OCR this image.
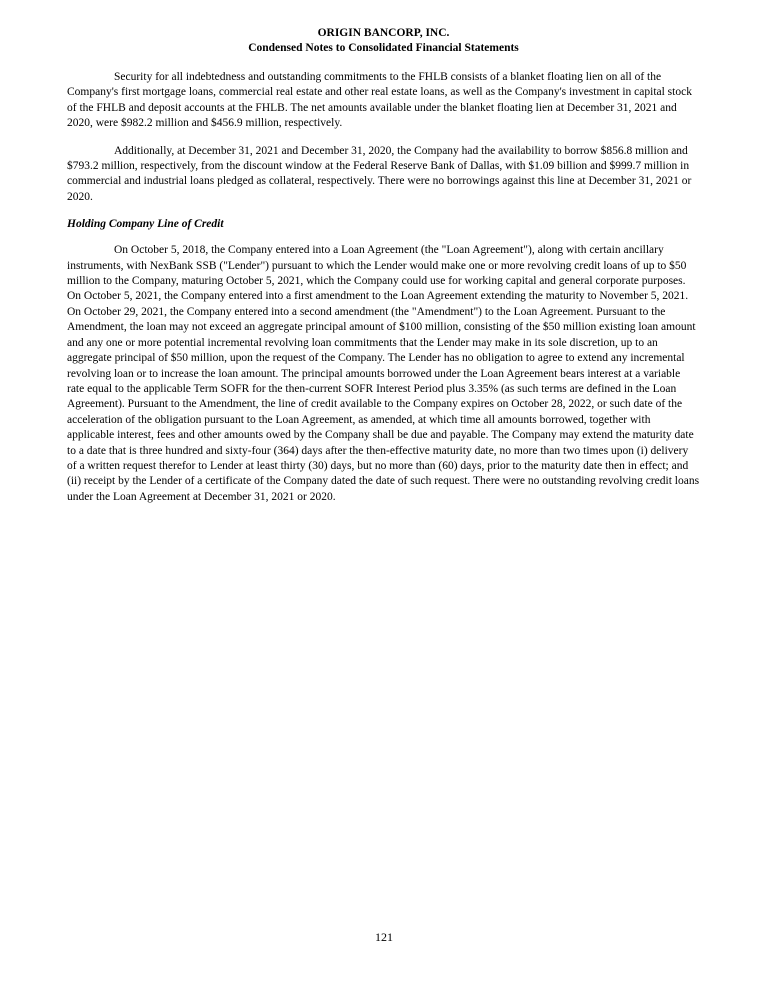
ORIGIN BANCORP, INC.
Condensed Notes to Consolidated Financial Statements

Security for all indebtedness and outstanding commitments to the FHLB consists of a blanket floating lien on all of the Company's first mortgage loans, commercial real estate and other real estate loans, as well as the Company's investment in capital stock of the FHLB and deposit accounts at the FHLB. The net amounts available under the blanket floating lien at December 31, 2021 and 2020, were $982.2 million and $456.9 million, respectively.

Additionally, at December 31, 2021 and December 31, 2020, the Company had the availability to borrow $856.8 million and $793.2 million, respectively, from the discount window at the Federal Reserve Bank of Dallas, with $1.09 billion and $999.7 million in commercial and industrial loans pledged as collateral, respectively. There were no borrowings against this line at December 31, 2021 or 2020.

Holding Company Line of Credit

On October 5, 2018, the Company entered into a Loan Agreement (the "Loan Agreement"), along with certain ancillary instruments, with NexBank SSB ("Lender") pursuant to which the Lender would make one or more revolving credit loans of up to $50 million to the Company, maturing October 5, 2021, which the Company could use for working capital and general corporate purposes. On October 5, 2021, the Company entered into a first amendment to the Loan Agreement extending the maturity to November 5, 2021. On October 29, 2021, the Company entered into a second amendment (the "Amendment") to the Loan Agreement. Pursuant to the Amendment, the loan may not exceed an aggregate principal amount of $100 million, consisting of the $50 million existing loan amount and any one or more potential incremental revolving loan commitments that the Lender may make in its sole discretion, up to an aggregate principal of $50 million, upon the request of the Company. The Lender has no obligation to agree to extend any incremental revolving loan or to increase the loan amount. The principal amounts borrowed under the Loan Agreement bears interest at a variable rate equal to the applicable Term SOFR for the then-current SOFR Interest Period plus 3.35% (as such terms are defined in the Loan Agreement). Pursuant to the Amendment, the line of credit available to the Company expires on October 28, 2022, or such date of the acceleration of the obligation pursuant to the Loan Agreement, as amended, at which time all amounts borrowed, together with applicable interest, fees and other amounts owed by the Company shall be due and payable. The Company may extend the maturity date to a date that is three hundred and sixty-four (364) days after the then-effective maturity date, no more than two times upon (i) delivery of a written request therefor to Lender at least thirty (30) days, but no more than (60) days, prior to the maturity date then in effect; and (ii) receipt by the Lender of a certificate of the Company dated the date of such request. There were no outstanding revolving credit loans under the Loan Agreement at December 31, 2021 or 2020.

121
